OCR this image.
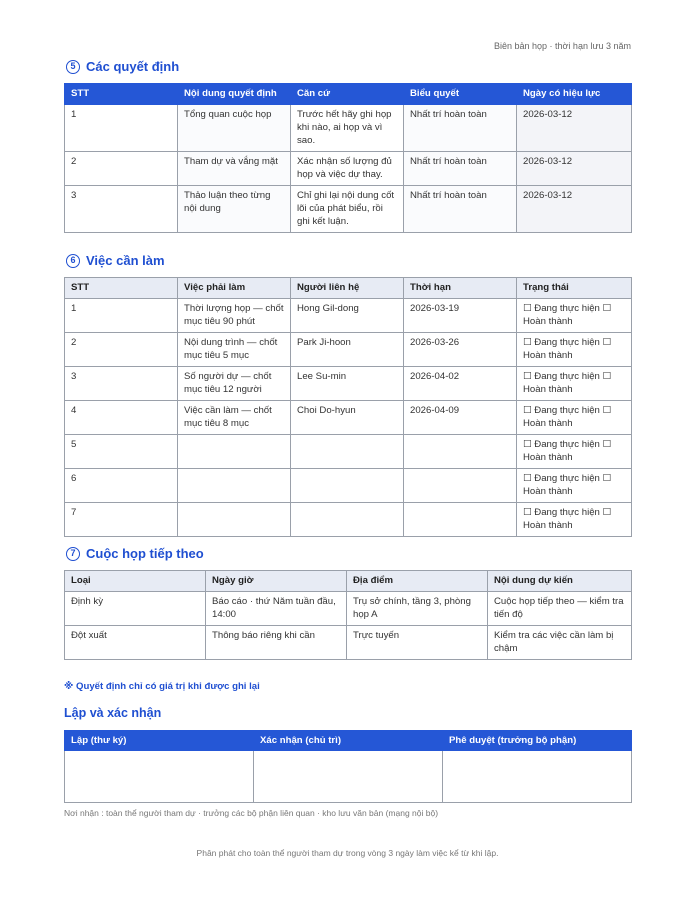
Biên bản họp · thời hạn lưu 3 năm
5 Các quyết định
STT	Nội dung quyết định	Căn cứ	Biểu quyết	Ngày có hiệu lực
1	Tổng quan cuộc họp	Trước hết hãy ghi họp khi nào, ai họp và vì sao.	Nhất trí hoàn toàn	2026-03-12
2	Tham dự và vắng mặt	Xác nhận số lượng đủ họp và việc dự thay.	Nhất trí hoàn toàn	2026-03-12
3	Thảo luận theo từng nội dung	Chỉ ghi lại nội dung cốt lõi của phát biểu, rồi ghi kết luận.	Nhất trí hoàn toàn	2026-03-12
6 Việc cần làm
STT	Việc phải làm	Người liên hệ	Thời hạn	Trạng thái
1	Thời lượng họp — chốt mục tiêu 90 phút	Hong Gil-dong	2026-03-19	☐ Đang thực hiện ☐ Hoàn thành
2	Nội dung trình — chốt mục tiêu 5 mục	Park Ji-hoon	2026-03-26	☐ Đang thực hiện ☐ Hoàn thành
3	Số người dự — chốt mục tiêu 12 người	Lee Su-min	2026-04-02	☐ Đang thực hiện ☐ Hoàn thành
4	Việc cần làm — chốt mục tiêu 8 mục	Choi Do-hyun	2026-04-09	☐ Đang thực hiện ☐ Hoàn thành
5				☐ Đang thực hiện ☐ Hoàn thành
6				☐ Đang thực hiện ☐ Hoàn thành
7				☐ Đang thực hiện ☐ Hoàn thành
7 Cuộc họp tiếp theo
Loại	Ngày giờ	Địa điểm	Nội dung dự kiến
Định kỳ	Báo cáo · thứ Năm tuần đầu, 14:00	Trụ sở chính, tầng 3, phòng họp A	Cuộc họp tiếp theo — kiểm tra tiến độ
Đột xuất	Thông báo riêng khi cần	Trực tuyến	Kiểm tra các việc cần làm bị chậm
※ Quyết định chỉ có giá trị khi được ghi lại
Lập và xác nhận
Lập (thư ký)	Xác nhận (chủ trì)	Phê duyệt (trưởng bộ phận)

Nơi nhận : toàn thể người tham dự · trưởng các bộ phận liên quan · kho lưu văn bản (mạng nội bộ)
Phân phát cho toàn thể người tham dự trong vòng 3 ngày làm việc kể từ khi lập.
